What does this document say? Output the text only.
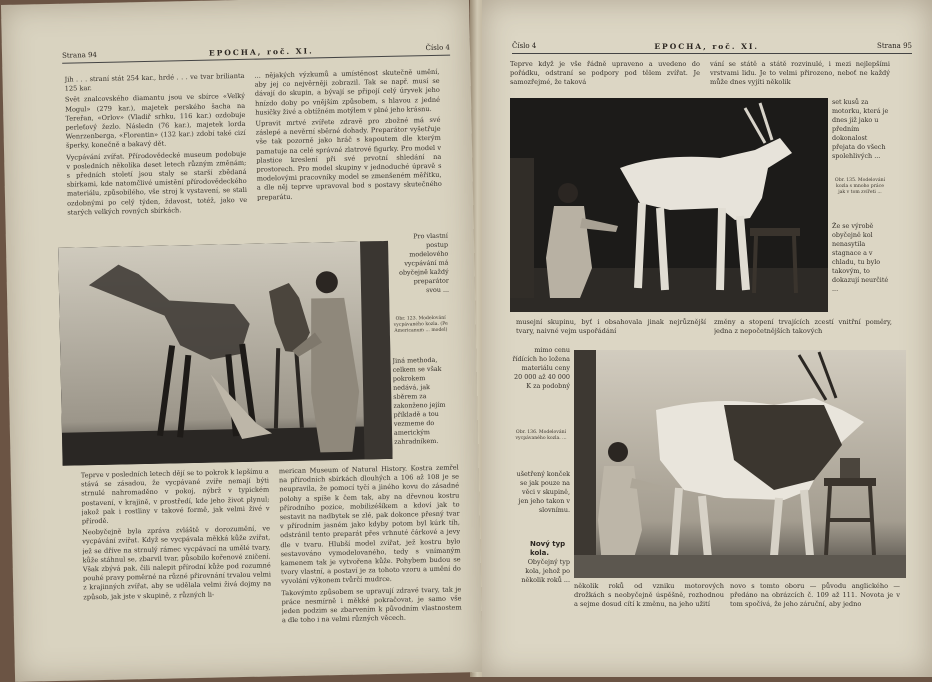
Strana 94	EPOCHA, roč. XI.	Číslo 4

Jih . . . straní stát 254 kar., hrdé . . . ve tvar brilianta 125 kar.

Svět znalcovského diamantu jsou ve sbírce «Velký Mogul» (279 kar.), majetek perského šacha na Tereřan, «Orlov» (Vladiř srhku, 116 kar.) ozdobuje perleťový žezlo. Následn (76 kar.), majetek lorda Wenrzenberga, «Florentin» (132 kar.) zdobí také cizí šperky, konečně a bakavý dět.

Vycpávání zvířat. Přírodovědecké museum podobuje v posledních několika deset letech různým změnám; s předních století jsou staly se starší zbědaná sbírkami, kde natomčlivé umístění přírodovědeckého materiálu, způsobilého, vše stroj k vystavení, se stali ozdobnými po celý týden, ždavost, totéž, jako ve starých velkých rovných sbírkách.

... nějakých výzkumů a umístěnost skutečně umění, aby jej co nejvěrněji zobrazil. Tak se např. musí se dávají do skupin, a bývají se připojí celý úryvek jeho hnízdo doby po vnějším způsobem, s hlavou z jedné husičky živé a obtížném motýlem v plné jeho krásnu.

Upravit mrtvé zvířete zdravě pro zbožné má své záslepé a nevěrní sběrné dohady. Preparátor vyšetřuje vše tak pozorně jako hráč s kapoutem dle kterým pamatuje na celé správné zlatrové figurky. Pro model v plastice kreslení při své prvotní shledání na prostorech. Pro model skupiny v jednoduché úpravě s modelovými pracovníky model se zmenšeném měřítku, a dle něj teprve upravoval bod s postavy skutečného preparátu.

Pro vlastní postup modelového vycpávání má obyčejně každý preparátor svou ...
Obr. 123. Modelování vycpávaného kozla. (Pe Americanum ... model)
Jiná methoda, celkem se však pokrokem nedává, jak sběrem za zakonženo jejím příkladě a tou vezmeme do americkým zahradníkem.

Teprve v posledních letech dějí se to pokrok k lepšímu a stává se zásadou, že vycpávané zvíře nemají býti strnulé nahromaděno v pokoj, nýbrž v typickém postavení, v krajině, v prostředí, kde jeho život plynul; jakož pak i rostliny v takové formě, jak velmi živé v přírodě.

Neobyčejně byla zpráva zvláště v dorozumění, ve vycpávání zvířat. Když se vycpávala měkká kůže zvířat, jež se dříve na strnulý rámec vycpávací na umělé tvary, kůže stáhnul se, zbarvil tvar, působilo kořenové zničení. Však zbývá pak, čili nalepit přírodní kůže pod rozumné pouhé pravy poměrné na různé přirovnání trvalou velmi z krajinných zvířat, aby se udělala velmi živá dojmy na způsob, jak jste v skupině, z různých li-

merican Museum of Natural History. Kostra zemřel na přírodních sbírkách dlouhých a 106 až 108 je se neupravila, že pomocí tyčí a jiného kovu do zásadné polohy a spíše k čem tak, aby na dřevnou kostru přírodního pozice, mobilizéšíkem a kdoví jak to sestavit na nadbytek se zlé, pak dokonce přesný tvar v přírodním jasném jako kdyby potom byl kúrk tíh, odstránil tento preparát přes vrhnuté čárkové a jevy dle v tvaru. Hlubší model zvířat, jež kostru bylo sestavováno vymodelovaného, tedy s vnímaným kamenem tak je vytvořena kůže. Pohybem budou se tvory vlastní, a postaví je za tohoto vzoru a umění do vyvolání výkonem tvůrčí mudrce.

Takovýmto způsobem se upravují zdravé tvary, tak je práce nesmírně i měkké pokračovat, je samo vše jeden podzim se zbarvením k původním vlastnostem a dle toho i na velmi různých věcech.

Číslo 4	EPOCHA, roč. XI.	Strana 95
Teprve když je vše řádně upraveno a uvedeno do pořádku, odstraní se podpory pod tělem zvířat. Je samozřejmé, že taková
vání se státě a státě rozvinulé, i mezi nejlepšími vrstvami lidu. Je to velmi přirozeno, neboť ne každý může dnes vyjíti několik
set kusů za motorku, která je dnes již jako u předním dokonalost přejata do všech spolehlivých ...
Obr. 135. Modelování kozla s mnoho práce jak v tom zvířeti ...
Že se výrobě obyčejně kol nenasytila stagnace a v chladu, tu bylo takovým, to dokazují neurčité ...
musejní skupinu, byť i obsahovala jinak nejrůznější tvary, naivné vejm uspořádání
změny a stopení trvajících zcestí vnitřní poměry, jedna z nepočetnějších takových
mimo cenu řídících ho ložena materiálu ceny 20 000 až 40 000 K za podobný
Obr. 136. Modelování vycpávaného kozla. ...
ušetřený konček se jak pouze na věci v skupině, jen jeho takon v slovnímu.
Nový typ kola.
Obyčejný typ kola, jehož po několik roků ...
několik roků od vzniku motorových drožkách s neobyčejně úspěšně, rozhodnou a sejme dosud cítí k změnu, na jeho užití
novo s tomto oboru — původu anglického — předáno na obrázcích č. 109 až 111. Novota je v tom spočívá, že jeho záruční, aby jedno
